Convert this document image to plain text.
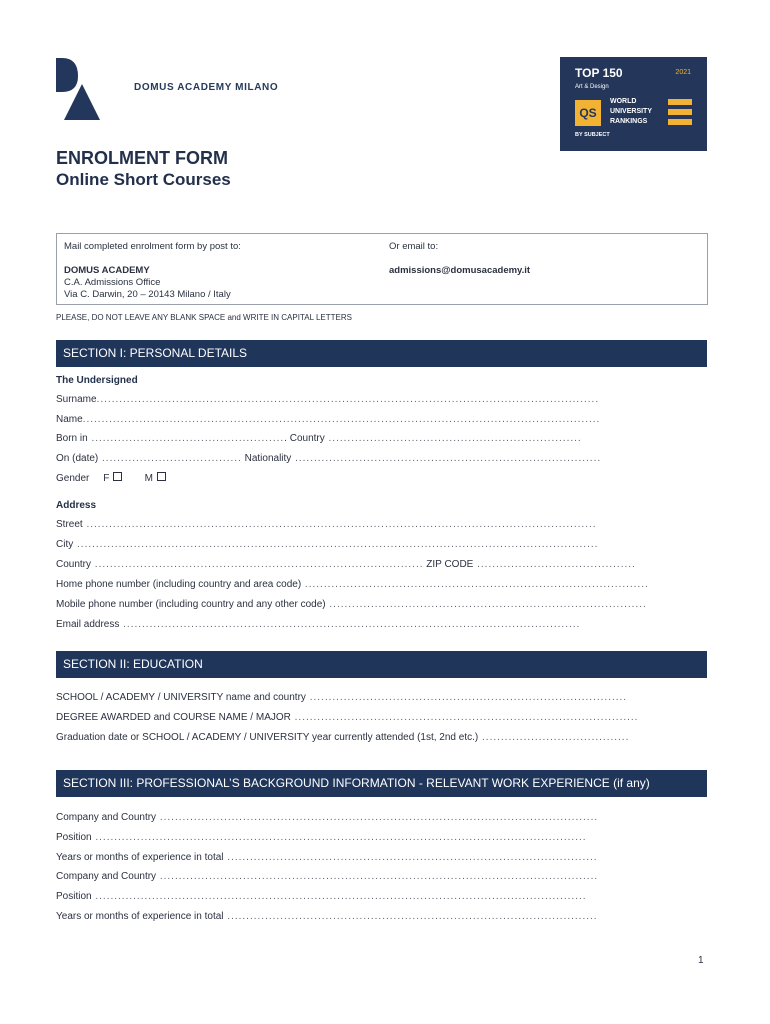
DOMUS ACADEMY MILANO
TOP 150	2021
Art & Design
QS
WORLD
UNIVERSITY
RANKINGS
BY SUBJECT
ENROLMENT FORM
Online Short Courses
Mail completed enrolment form by post to:	Or email to:
DOMUS ACADEMY
C.A. Admissions Office
Via C. Darwin, 20 – 20143 Milano / Italy
admissions@domusacademy.it
PLEASE, DO NOT LEAVE ANY BLANK SPACE and WRITE IN CAPITAL LETTERS
SECTION I: PERSONAL DETAILS
The Undersigned
Surname.....................................................................................................................................
Name.........................................................................................................................................
Born in .................................................... Country ...................................................................
On (date) ..................................... Nationality .................................................................................
Gender F	M
Address
Street .......................................................................................................................................
City ..........................................................................................................................................
Country ....................................................................................... ZIP CODE ..........................................
Home phone number (including country and area code) ...........................................................................................
Mobile phone number (including country and any other code) ....................................................................................
Email address .........................................................................................................................
SECTION II: EDUCATION
SCHOOL / ACADEMY / UNIVERSITY name and country ....................................................................................
DEGREE AWARDED and COURSE NAME / MAJOR ...........................................................................................
Graduation date or SCHOOL / ACADEMY / UNIVERSITY year currently attended (1st, 2nd etc.) .......................................
SECTION III: PROFESSIONAL’S BACKGROUND INFORMATION - RELEVANT WORK EXPERIENCE (if any)
Company and Country ....................................................................................................................
Position ..................................................................................................................................
Years or months of experience in total ..................................................................................................
Company and Country ....................................................................................................................
Position ..................................................................................................................................
Years or months of experience in total ..................................................................................................
1
